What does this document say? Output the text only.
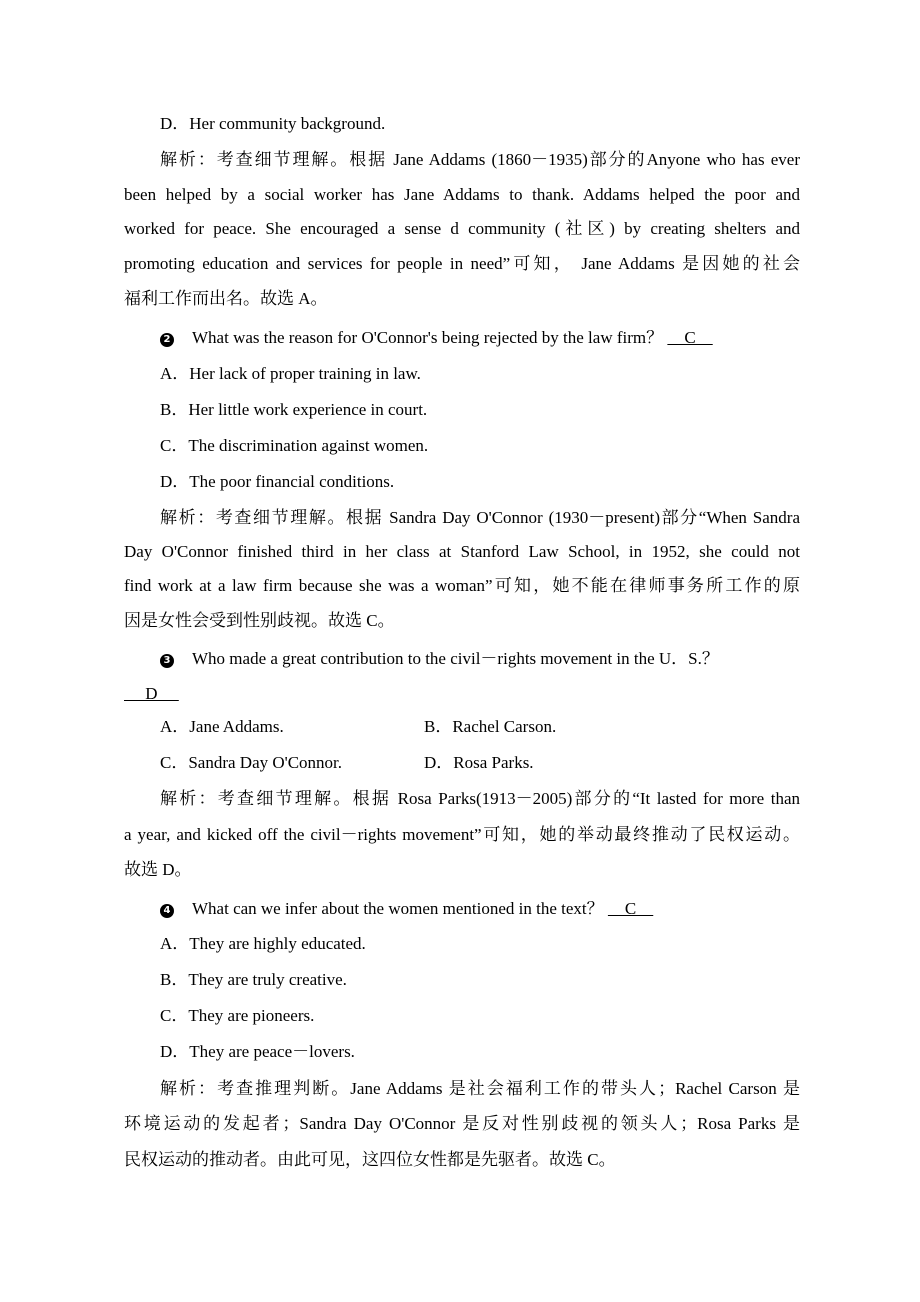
D．Her community background.
解析：考查细节理解。根据 Jane Addams (1860－1935)部分的Anyone who has ever
been helped by a social worker has Jane Addams to thank. Addams helped the poor and
worked for peace. She encouraged a sense d community (社区) by creating shelters and
promoting education and services for people in need”可知， Jane Addams 是因她的社会
福利工作而出名。故选 A。
2 What was the reason for O'Connor's being rejected by the law firm？     C
A．Her lack of proper training in law.
B．Her little work experience in court.
C．The discrimination against women.
D．The poor financial conditions.
解析：考查细节理解。根据 Sandra Day O'Connor (1930－present)部分“When Sandra
Day O'Connor finished third in her class at Stanford Law School, in 1952, she could not
find work at a law firm because she was a woman”可知，她不能在律师事务所工作的原
因是女性会受到性别歧视。故选 C。
3 Who made a great contribution to the civil－rights movement in the U．S.？
D
A．Jane Addams.	B．Rachel Carson.
C．Sandra Day O'Connor.	D．Rosa Parks.
解析：考查细节理解。根据 Rosa Parks(1913－2005)部分的“It lasted for more than
a year, and kicked off the civil－rights movement”可知，她的举动最终推动了民权运动。
故选 D。
4 What can we infer about the women mentioned in the text？     C
A．They are highly educated.
B．They are truly creative.
C．They are pioneers.
D．They are peace－lovers.
解析：考查推理判断。Jane Addams 是社会福利工作的带头人；Rachel Carson 是
环境运动的发起者；Sandra Day O'Connor 是反对性别歧视的领头人；Rosa Parks 是
民权运动的推动者。由此可见，这四位女性都是先驱者。故选 C。
